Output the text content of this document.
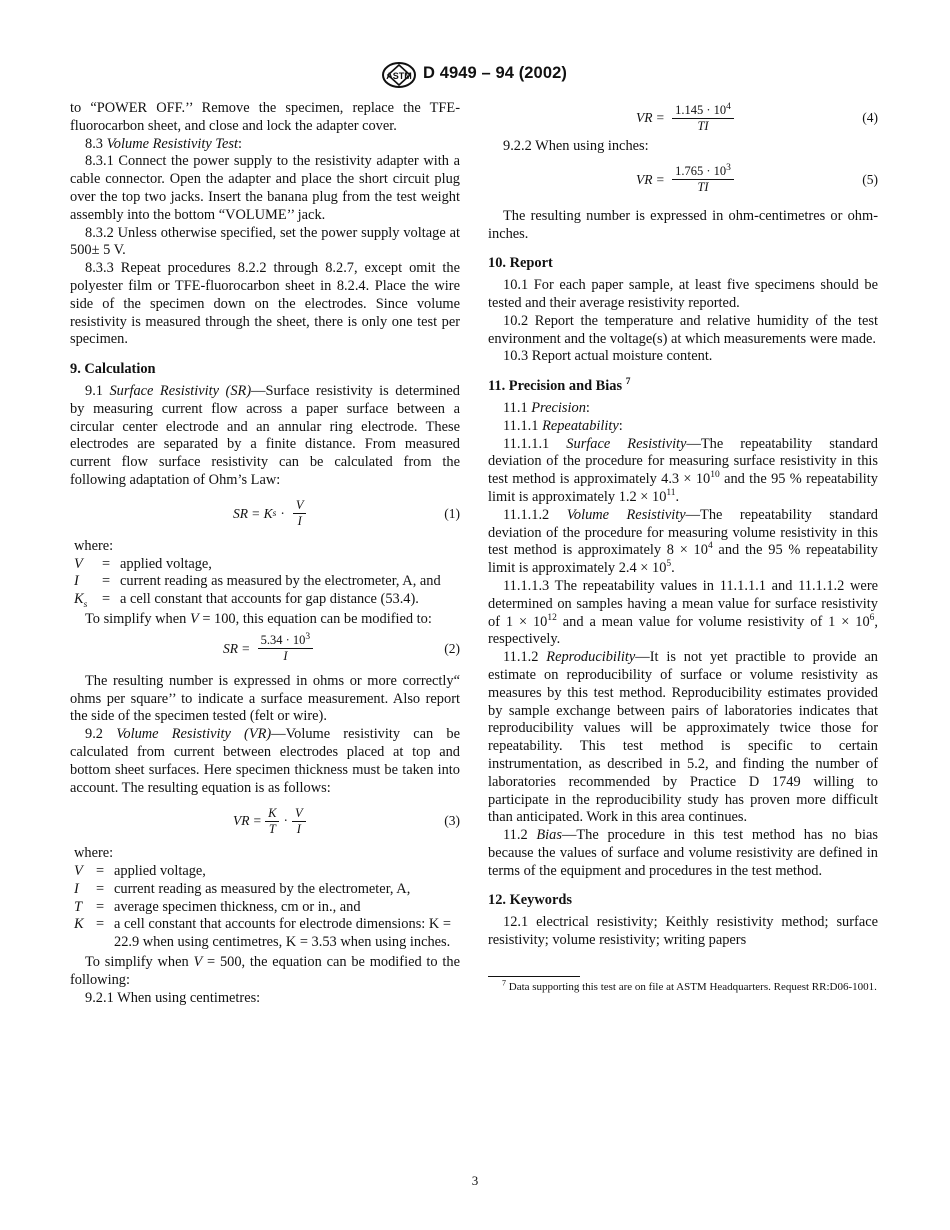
ASTM D 4949 – 94 (2002)

to “POWER OFF.’’ Remove the specimen, replace the TFE-fluorocarbon sheet, and close and lock the adapter cover.

8.3 Volume Resistivity Test:

8.3.1 Connect the power supply to the resistivity adapter with a cable connector. Open the adapter and place the short circuit plug over the top two jacks. Insert the banana plug from the test weight assembly into the bottom “VOLUME’’ jack.

8.3.2 Unless otherwise specified, set the power supply voltage at 500± 5 V.

8.3.3 Repeat procedures 8.2.2 through 8.2.7, except omit the polyester film or TFE-fluorocarbon sheet in 8.2.4. Place the wire side of the specimen down on the electrodes. Since volume resistivity is measured through the sheet, there is only one test per specimen.

9. Calculation

9.1 Surface Resistivity (SR)—Surface resistivity is determined by measuring current flow across a paper surface between a circular center electrode and an annular ring electrode. These electrodes are separated by a finite distance. From measured current flow surface resistivity can be calculated from the following adaptation of Ohm’s Law:

SR = K $s \cdot \frac{V}{I}$	(1)
where:
V	= applied voltage,
I	= current reading as measured by the electrometer, A, and
$K_s$	= a cell constant that accounts for gap distance (53.4).

To simplify when V = 100, this equation can be modified to:

SR = $\frac{5.34 \cdot 10^3}{I}$	(2)

The resulting number is expressed in ohms or more correctly“ ohms per square’’ to indicate a surface measurement. Also report the side of the specimen tested (felt or wire).

9.2 Volume Resistivity (VR)—Volume resistivity can be calculated from current between electrodes placed at top and bottom sheet surfaces. Here specimen thickness must be taken into account. The resulting equation is as follows:

VR = $\frac{K}{T} \cdot \frac{V}{I}$	(3)
where:
V = applied voltage,
I	= current reading as measured by the electrometer, A,
T = average specimen thickness, cm or in., and
K = a cell constant that accounts for electrode dimensions: K = 22.9 when using centimetres, K = 3.53 when using inches.

To simplify when V = 500, the equation can be modified to the following:

9.2.1 When using centimetres:

VR = $\frac{1.145 \cdot 10^4}{TI}$	(4)

9.2.2 When using inches:

VR = $\frac{1.765 \cdot 10^3}{TI}$	(5)

The resulting number is expressed in ohm-centimetres or ohm-inches.

10. Report

10.1 For each paper sample, at least five specimens should be tested and their average resistivity reported.

10.2 Report the temperature and relative humidity of the test environment and the voltage(s) at which measurements were made.

10.3 Report actual moisture content.

11. Precision and Bias $^7$

11.1 Precision:

11.1.1 Repeatability:

11.1.1.1 Surface Resistivity—The repeatability standard deviation of the procedure for measuring surface resistivity in this test method is approximately $4.3 \times 10^{10}$ and the 95 % repeatability limit is approximately $1.2 \times 10^{11}$.

11.1.1.2 Volume Resistivity—The repeatability standard deviation of the procedure for measuring volume resistivity in this test method is approximately $8 \times 10^4$ and the 95 % repeatability limit is approximately $2.4 \times 10^5$.

11.1.1.3 The repeatability values in 11.1.1.1 and 11.1.1.2 were determined on samples having a mean value for surface resistivity of $1 \times 10^{12}$ and a mean value for volume resistivity of $1 \times 10^6$, respectively.

11.1.2 Reproducibility—It is not yet practible to provide an estimate on reproducibility of surface or volume resistivity as measures by this test method. Reproducibility estimates provided by sample exchange between pairs of laboratories indicates that reproducibility values will be approximately twice those for repeatability. This test method is specific to certain instrumentation, as described in 5.2, and finding the number of laboratories recommended by Practice D 1749 willing to participate in the reproducibility study has proven more difficult than anticipated. Work in this area continues.

11.2 Bias—The procedure in this test method has no bias because the values of surface and volume resistivity are defined in terms of the equipment and procedures in the test method.

12. Keywords

12.1 electrical resistivity; Keithly resistivity method; surface resistivity; volume resistivity; writing papers

$^7$ Data supporting this test are on file at ASTM Headquarters. Request RR:D06-1001.

3
